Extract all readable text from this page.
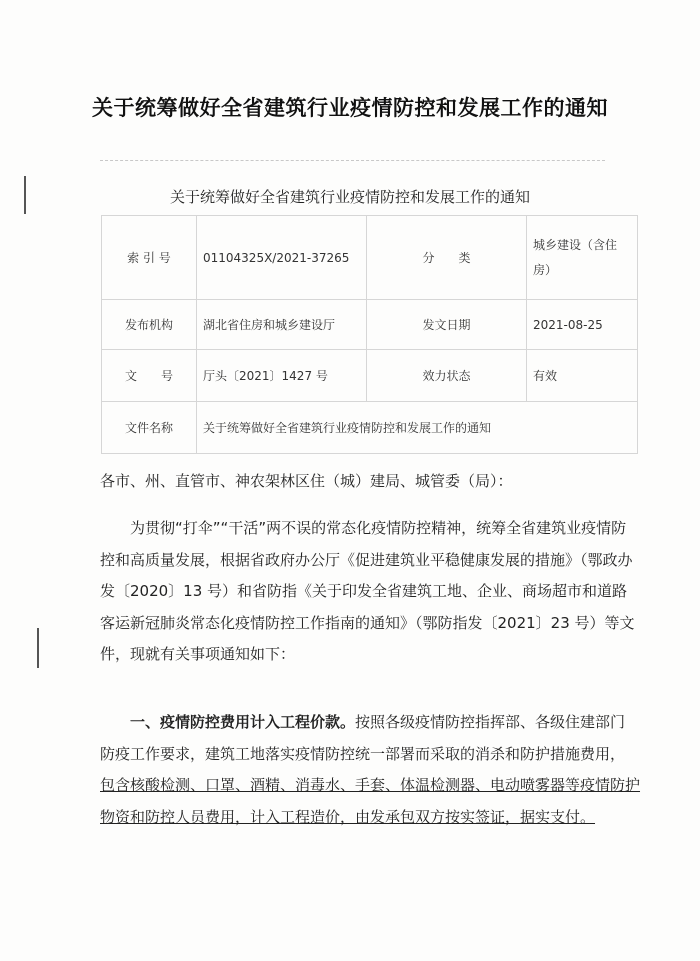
关于统筹做好全省建筑行业疫情防控和发展工作的通知
关于统筹做好全省建筑行业疫情防控和发展工作的通知
索 引 号	01104325X/2021-37265	分　　类	城乡建设（含住房）
发布机构	湖北省住房和城乡建设厅	发文日期	2021-08-25
文　　号	厅头〔2021〕1427 号	效力状态	有效
文件名称	关于统筹做好全省建筑行业疫情防控和发展工作的通知		
各市、州、直管市、神农架林区住（城）建局、城管委（局）：

为贯彻“打伞”“干活”两不误的常态化疫情防控精神，统筹全省建筑业疫情防控和高质量发展，根据省政府办公厅《促进建筑业平稳健康发展的措施》（鄂政办发〔2020〕13 号）和省防指《关于印发全省建筑工地、企业、商场超市和道路客运新冠肺炎常态化疫情防控工作指南的通知》（鄂防指发〔2021〕23 号）等文件，现就有关事项通知如下：

一、疫情防控费用计入工程价款。按照各级疫情防控指挥部、各级住建部门防疫工作要求，建筑工地落实疫情防控统一部署而采取的消杀和防护措施费用，包含核酸检测、口罩、酒精、消毒水、手套、体温检测器、电动喷雾器等疫情防护物资和防控人员费用，计入工程造价，由发承包双方按实签证，据实支付。
